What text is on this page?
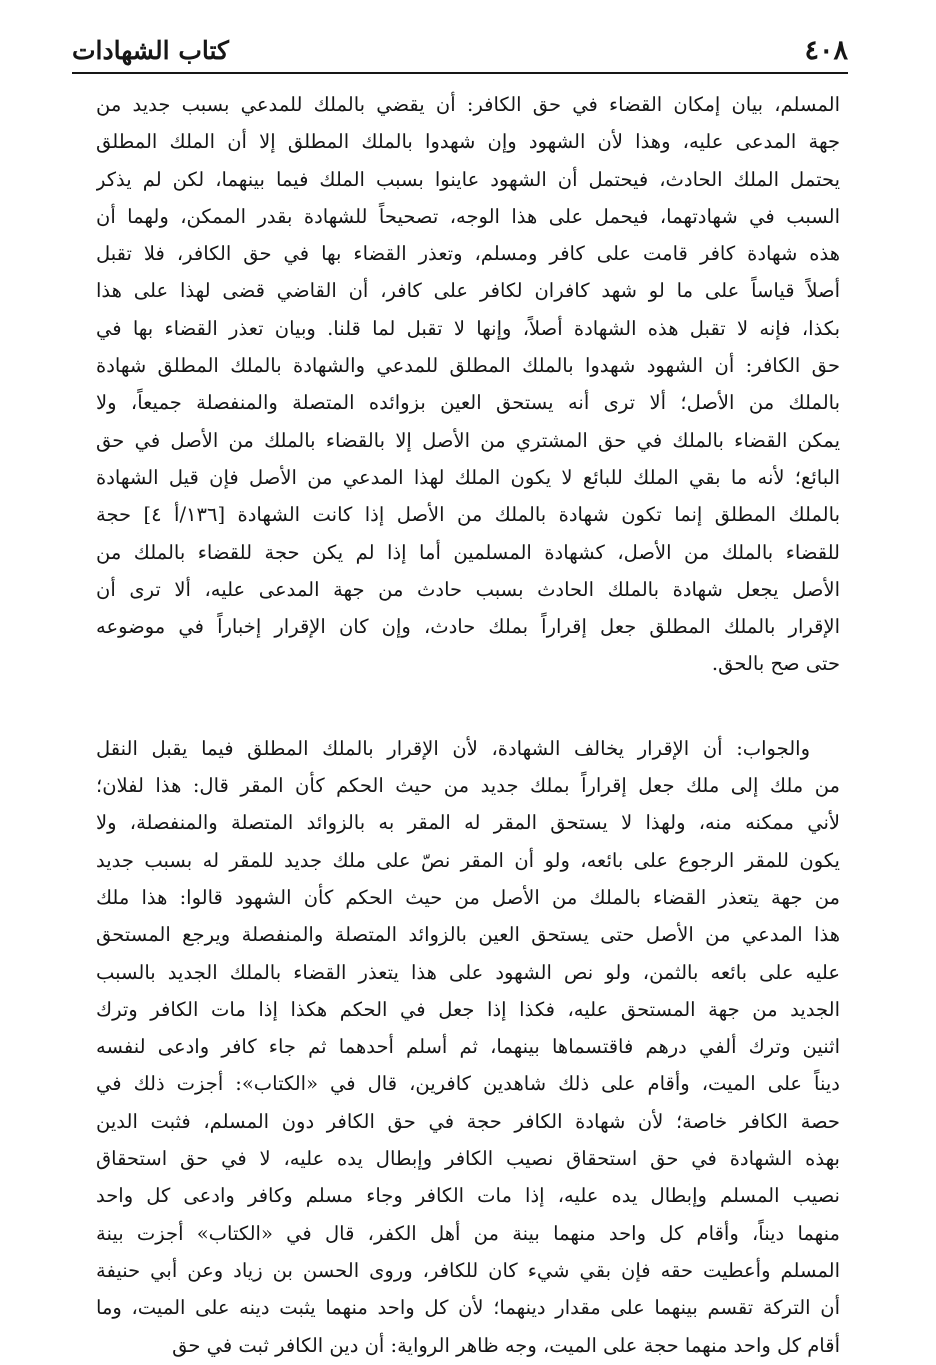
٤٠٨
كتاب الشهادات
المسلم، بيان إمكان القضاء في حق الكافر: أن يقضي بالملك للمدعي بسبب جديد من
جهة المدعى عليه، وهذا لأن الشهود وإن شهدوا بالملك المطلق إلا أن الملك المطلق
يحتمل الملك الحادث، فيحتمل أن الشهود عاينوا بسبب الملك فيما بينهما، لكن لم يذكر
السبب في شهادتهما، فيحمل على هذا الوجه، تصحيحاً للشهادة بقدر الممكن، ولهما أن
هذه شهادة كافر قامت على كافر ومسلم، وتعذر القضاء بها في حق الكافر، فلا تقبل
أصلاً قياساً على ما لو شهد كافران لكافر على كافر، أن القاضي قضى لهذا على هذا
بكذا، فإنه لا تقبل هذه الشهادة أصلاً، وإنها لا تقبل لما قلنا. وبيان تعذر القضاء بها في
حق الكافر: أن الشهود شهدوا بالملك المطلق للمدعي والشهادة بالملك المطلق شهادة
بالملك من الأصل؛ ألا ترى أنه يستحق العين بزوائده المتصلة والمنفصلة جميعاً، ولا
يمكن القضاء بالملك في حق المشتري من الأصل إلا بالقضاء بالملك من الأصل في حق
البائع؛ لأنه ما بقي الملك للبائع لا يكون الملك لهذا المدعي من الأصل فإن قيل الشهادة
بالملك المطلق إنما تكون شهادة بالملك من الأصل إذا كانت الشهادة [١٣٦/أ ٤] حجة
للقضاء بالملك من الأصل، كشهادة المسلمين أما إذا لم يكن حجة للقضاء بالملك من
الأصل يجعل شهادة بالملك الحادث بسبب حادث من جهة المدعى عليه، ألا ترى أن
الإقرار بالملك المطلق جعل إقراراً بملك حادث، وإن كان الإقرار إخباراً في موضوعه
حتى صح بالحق.
والجواب: أن الإقرار يخالف الشهادة، لأن الإقرار بالملك المطلق فيما يقبل النقل
من ملك إلى ملك جعل إقراراً بملك جديد من حيث الحكم كأن المقر قال: هذا لفلان؛
لأني ممكنه منه، ولهذا لا يستحق المقر له المقر به بالزوائد المتصلة والمنفصلة، ولا
يكون للمقر الرجوع على بائعه، ولو أن المقر نصّ على ملك جديد للمقر له بسبب جديد
من جهة يتعذر القضاء بالملك من الأصل من حيث الحكم كأن الشهود قالوا: هذا ملك
هذا المدعي من الأصل حتى يستحق العين بالزوائد المتصلة والمنفصلة ويرجع المستحق
عليه على بائعه بالثمن، ولو نص الشهود على هذا يتعذر القضاء بالملك الجديد بالسبب
الجديد من جهة المستحق عليه، فكذا إذا جعل في الحكم هكذا إذا مات الكافر وترك
اثنين وترك ألفي درهم فاقتسماها بينهما، ثم أسلم أحدهما ثم جاء كافر وادعى لنفسه
ديناً على الميت، وأقام على ذلك شاهدين كافرين، قال في «الكتاب»: أجزت ذلك في
حصة الكافر خاصة؛ لأن شهادة الكافر حجة في حق الكافر دون المسلم، فثبت الدين
بهذه الشهادة في حق استحقاق نصيب الكافر وإبطال يده عليه، لا في حق استحقاق
نصيب المسلم وإبطال يده عليه، إذا مات الكافر وجاء مسلم وكافر وادعى كل واحد
منهما ديناً، وأقام كل واحد منهما بينة من أهل الكفر، قال في «الكتاب» أجزت بينة
المسلم وأعطيت حقه فإن بقي شيء كان للكافر، وروى الحسن بن زياد وعن أبي حنيفة
أن التركة تقسم بينهما على مقدار دينهما؛ لأن كل واحد منهما يثبت دينه على الميت، وما
أقام كل واحد منهما حجة على الميت، وجه ظاهر الرواية: أن دين الكافر ثبت في حق
